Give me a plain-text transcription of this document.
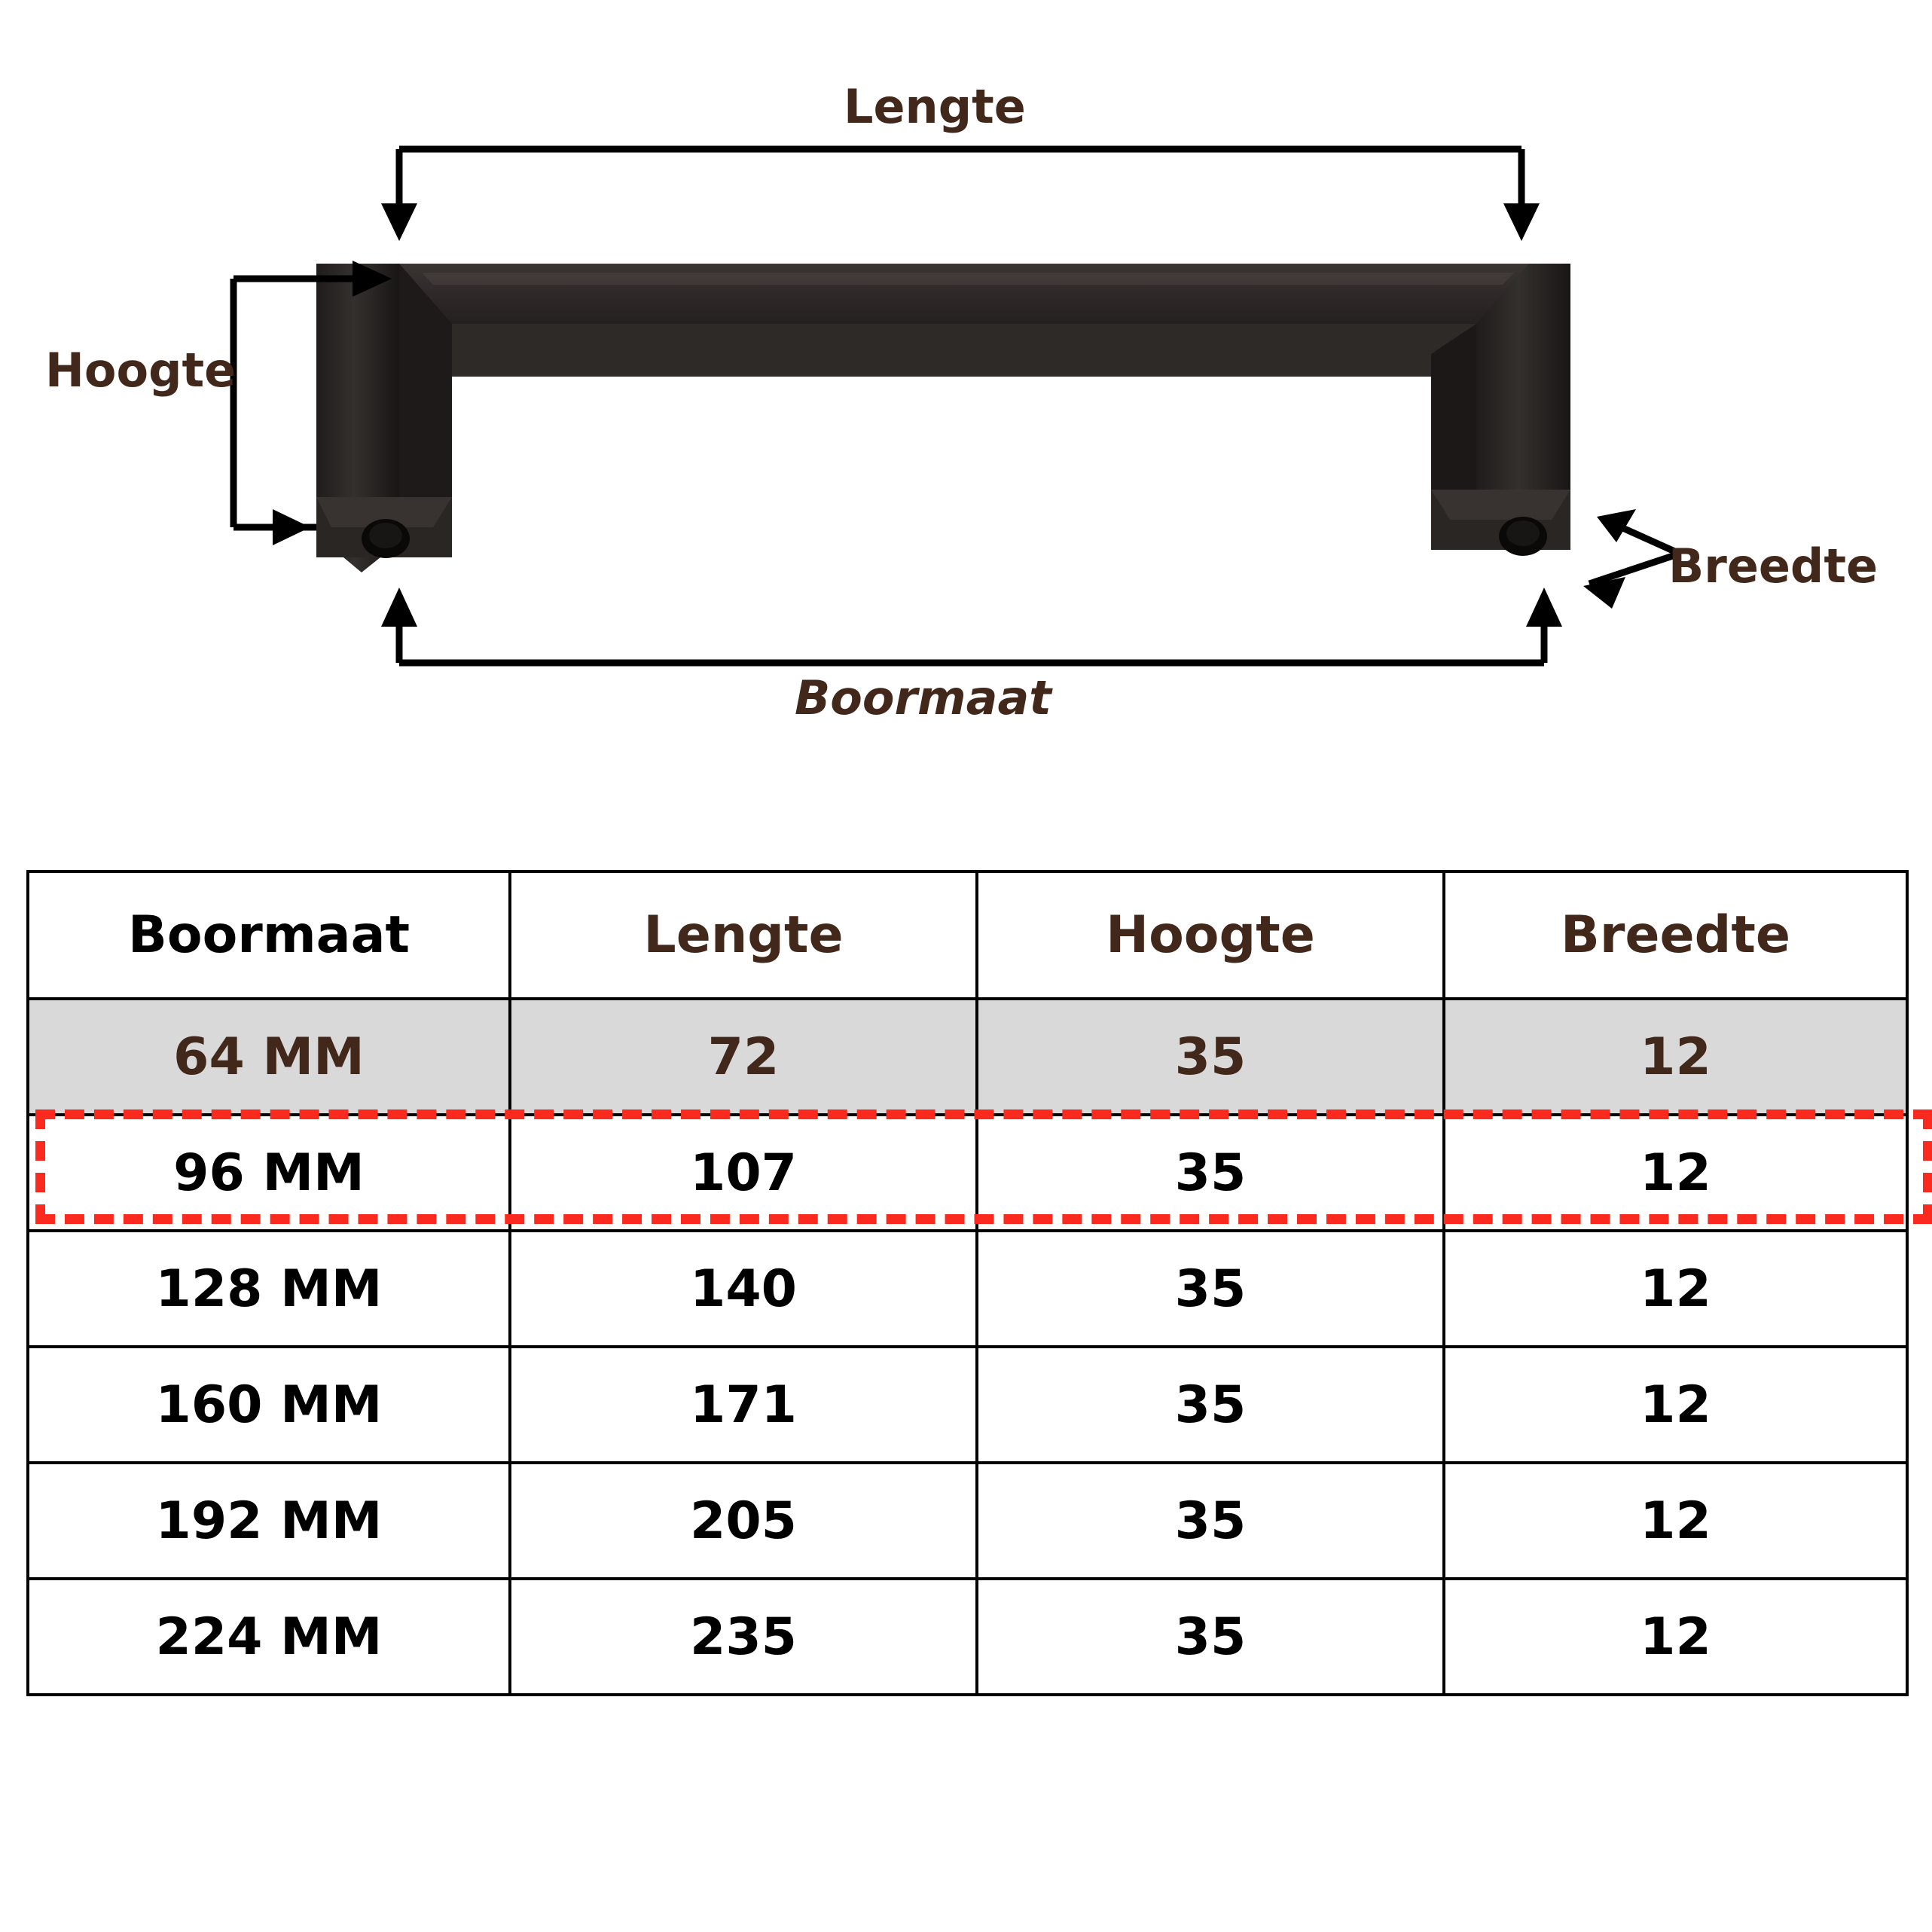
Lengte
Hoogte
Breedte
Boormaat
Boormaat	Lengte	Hoogte	Breedte
64 MM	72	35	12
96 MM	107	35	12
128 MM	140	35	12
160 MM	171	35	12
192 MM	205	35	12
224 MM	235	35	12
